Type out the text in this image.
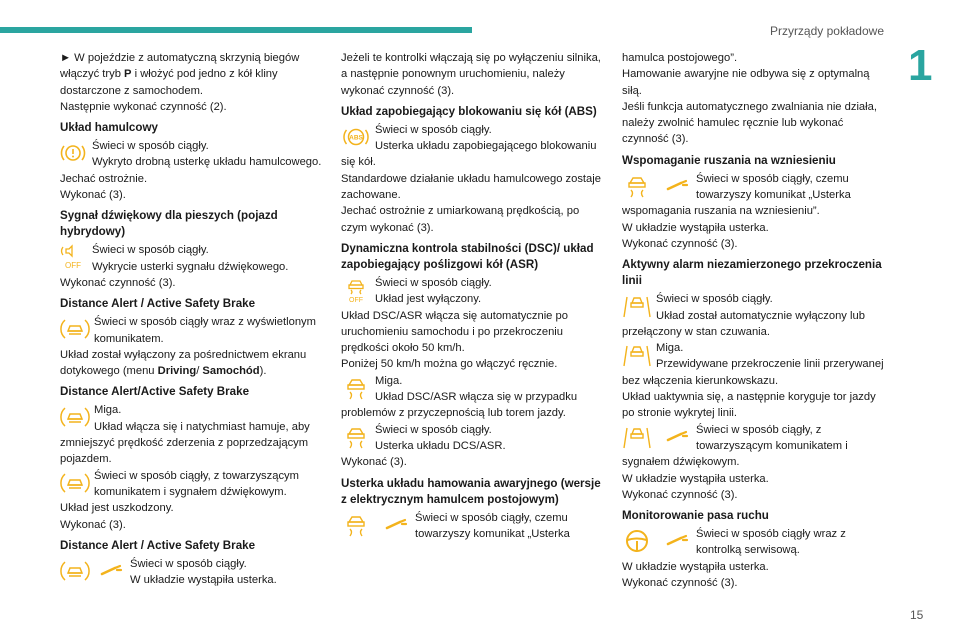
Przyrządy pokładowe
1
15

► W pojeździe z automatyczną skrzynią biegów włączyć tryb P i włożyć pod jedno z kół kliny dostarczone z samochodem.

Następnie wykonać czynność (2).

Układ hamulcowy

Świeci w sposób ciągły.
Wykryto drobną usterkę układu hamulcowego.
Jechać ostrożnie.
Wykonać (3).

Sygnał dźwiękowy dla pieszych (pojazd hybrydowy)

OFF

Świeci w sposób ciągły.
Wykrycie usterki sygnału dźwiękowego.
Wykonać czynność (3).

Distance Alert / Active Safety Brake

Świeci w sposób ciągły wraz z wyświetlonym komunikatem.
Układ został wyłączony za pośrednictwem ekranu dotykowego (menu Driving/ Samochód).

Distance Alert/Active Safety Brake

Miga.
Układ włącza się i natychmiast hamuje, aby zmniejszyć prędkość zderzenia z poprzedzającym pojazdem.

Świeci w sposób ciągły, z towarzyszącym komunikatem i sygnałem dźwiękowym.
Układ jest uszkodzony.
Wykonać (3).

Distance Alert / Active Safety Brake

Świeci w sposób ciągły.
W układzie wystąpiła usterka.

Jeżeli te kontrolki włączają się po wyłączeniu silnika, a następnie ponownym uruchomieniu, należy wykonać czynność (3).

Układ zapobiegający blokowaniu się kół (ABS)

ABS

Świeci w sposób ciągły.
Usterka układu zapobiegającego blokowaniu się kół.
Standardowe działanie układu hamulcowego zostaje zachowane.
Jechać ostrożnie z umiarkowaną prędkością, po czym wykonać (3).

Dynamiczna kontrola stabilności (DSC)/ układ zapobiegający poślizgowi kół (ASR)

OFF

Świeci w sposób ciągły.
Układ jest wyłączony.
Układ DSC/ASR włącza się automatycznie po uruchomieniu samochodu i po przekroczeniu prędkości około 50 km/h.
Poniżej 50 km/h można go włączyć ręcznie.

Miga.
Układ DSC/ASR włącza się w przypadku problemów z przyczepnością lub torem jazdy.

Świeci w sposób ciągły.
Usterka układu DCS/ASR.
Wykonać (3).

Usterka układu hamowania awaryjnego (wersje z elektrycznym hamulcem postojowym)

Świeci w sposób ciągły, czemu towarzyszy komunikat „Usterka

hamulca postojowego”.
Hamowanie awaryjne nie odbywa się z optymalną siłą.
Jeśli funkcja automatycznego zwalniania nie działa, należy zwolnić hamulec ręcznie lub wykonać czynność (3).

Wspomaganie ruszania na wzniesieniu

Świeci w sposób ciągły, czemu towarzyszy komunikat „Usterka wspomagania ruszania na wzniesieniu”.
W układzie wystąpiła usterka.
Wykonać czynność (3).

Aktywny alarm niezamierzonego przekroczenia linii

Świeci w sposób ciągły.
Układ został automatycznie wyłączony lub przełączony w stan czuwania.

Miga.
Przewidywane przekroczenie linii przerywanej bez włączenia kierunkowskazu.
Układ uaktywnia się, a następnie koryguje tor jazdy po stronie wykrytej linii.

Świeci w sposób ciągły, z towarzyszącym komunikatem i sygnałem dźwiękowym.
W układzie wystąpiła usterka.
Wykonać czynność (3).

Monitorowanie pasa ruchu

Świeci w sposób ciągły wraz z kontrolką serwisową.
W układzie wystąpiła usterka.
Wykonać czynność (3).
